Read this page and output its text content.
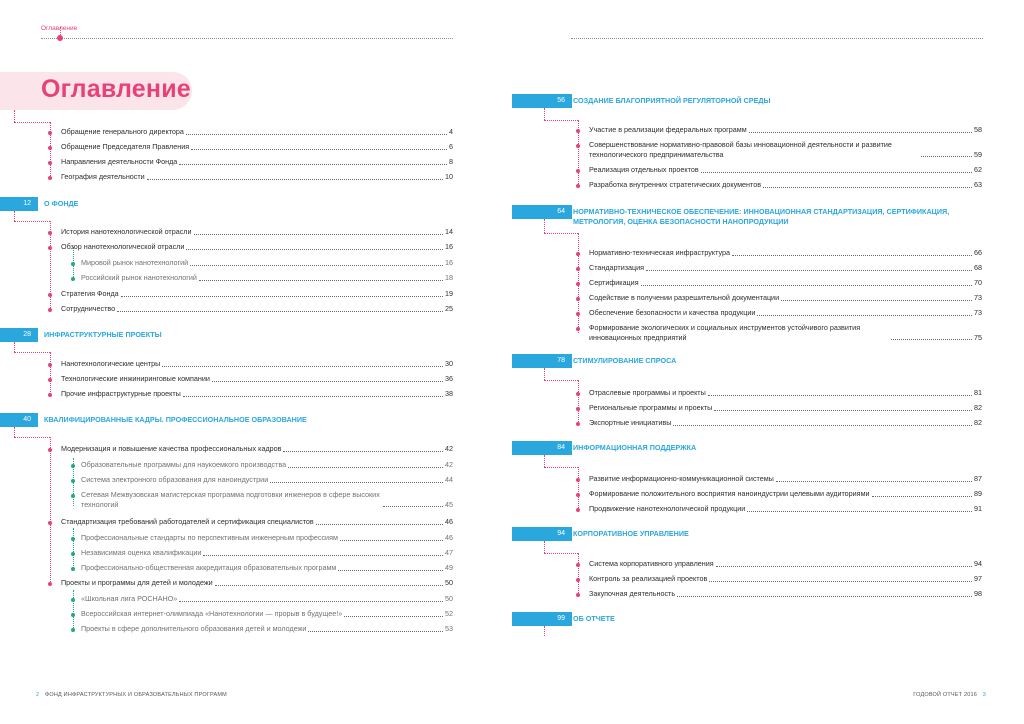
Оглавление
Оглавление
Обращение генерального директора	4
Обращение Председателя Правления	6
Направления деятельности Фонда	8
География деятельности	10
12	О ФОНДЕ
История нанотехнологической отрасли	14
Обзор нанотехнологической отрасли	16
Мировой рынок нанотехнологий	16
Российский рынок нанотехнологий	18
Стратегия Фонда	19
Сотрудничество	25
28	ИНФРАСТРУКТУРНЫЕ ПРОЕКТЫ
Нанотехнологические центры	30
Технологические инжиниринговые компании	36
Прочие инфраструктурные проекты	38
40	КВАЛИФИЦИРОВАННЫЕ КАДРЫ. ПРОФЕССИОНАЛЬНОЕ ОБРАЗОВАНИЕ
Модернизация и повышение качества профессиональных кадров	42
Образовательные программы для наукоемкого производства	42
Система электронного образования для наноиндустрии	44
Сетевая Межвузовская магистерская программа подготовки инженеров в сфере высоких технологий	45
Стандартизация требований работодателей и сертификация специалистов	46
Профессиональные стандарты по перспективным инженерным профессиям	46
Независимая оценка квалификации	47
Профессионально-общественная аккредитация образовательных программ	49
Проекты и программы для детей и молодежи	50
«Школьная лига РОСНАНО»	50
Всероссийская интернет-олимпиада «Нанотехнологии — прорыв в будущее!»	52
Проекты в сфере дополнительного образования детей и молодежи	53
56	СОЗДАНИЕ БЛАГОПРИЯТНОЙ РЕГУЛЯТОРНОЙ СРЕДЫ
Участие в реализации федеральных программ	58
Совершенствование нормативно-правовой базы инновационной деятельности и развитие технологического предпринимательства	59
Реализация отдельных проектов	62
Разработка внутренних стратегических документов	63
64	НОРМАТИВНО-ТЕХНИЧЕСКОЕ ОБЕСПЕЧЕНИЕ: ИННОВАЦИОННАЯ СТАНДАРТИЗАЦИЯ, СЕРТИФИКАЦИЯ, МЕТРОЛОГИЯ, ОЦЕНКА БЕЗОПАСНОСТИ НАНОПРОДУКЦИИ
Нормативно-техническая инфраструктура	66
Стандартизация	68
Сертификация	70
Содействие в получении разрешительной документации	73
Обеспечение безопасности и качества продукции	73
Формирование экологических и социальных инструментов устойчивого развития инновационных предприятий	75
78	СТИМУЛИРОВАНИЕ СПРОСА
Отраслевые программы и проекты	81
Региональные программы и проекты	82
Экспортные инициативы	82
84	ИНФОРМАЦИОННАЯ ПОДДЕРЖКА
Развитие информационно-коммуникационной системы	87
Формирование положительного восприятия наноиндустрии целевыми аудиториями	89
Продвижение нанотехнологической продукции	91
94	КОРПОРАТИВНОЕ УПРАВЛЕНИЕ
Система корпоративного управления	94
Контроль за реализацией проектов	97
Закупочная деятельность	98
99	ОБ ОТЧЕТЕ
2 ФОНД ИНФРАСТРУКТУРНЫХ И ОБРАЗОВАТЕЛЬНЫХ ПРОГРАММ	ГОДОВОЙ ОТЧЕТ 2016 3
